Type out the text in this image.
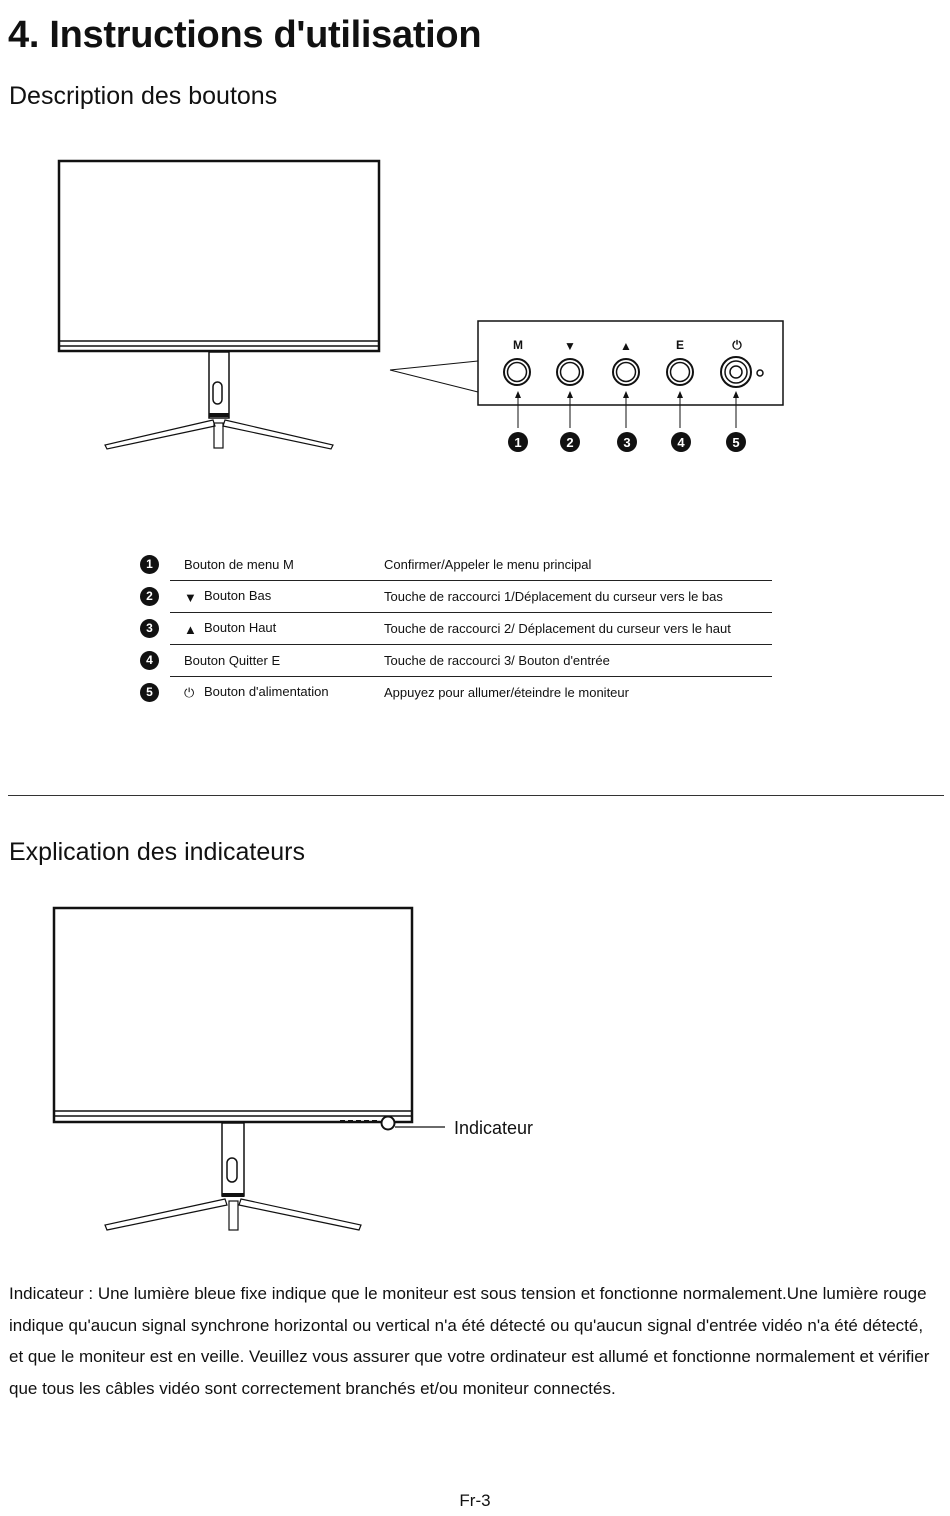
4. Instructions d'utilisation
Description des boutons
M	▼	▲	E	⏻
1	2	3	4	5
1	Bouton de menu M	Confirmer/Appeler le menu principal
2	▼ Bouton Bas	Touche de raccourci 1/Déplacement du curseur vers le bas
3	▲ Bouton Haut	Touche de raccourci 2/ Déplacement du curseur vers le haut
4	Bouton Quitter E	Touche de raccourci 3/ Bouton d'entrée
5	⏻ Bouton d'alimentation	Appuyez pour allumer/éteindre le moniteur
Explication des indicateurs
Indicateur

Indicateur : Une lumière bleue fixe indique que le moniteur est sous tension et fonctionne normalement.Une lumière rouge indique qu'aucun signal synchrone horizontal ou vertical n'a été détecté ou qu'aucun signal d'entrée vidéo n'a été détecté, et que le moniteur est en veille. Veuillez vous assurer que votre ordinateur est allumé et fonctionne normalement et vérifier que tous les câbles vidéo sont correctement branchés et/ou moniteur connectés.

Fr-3
